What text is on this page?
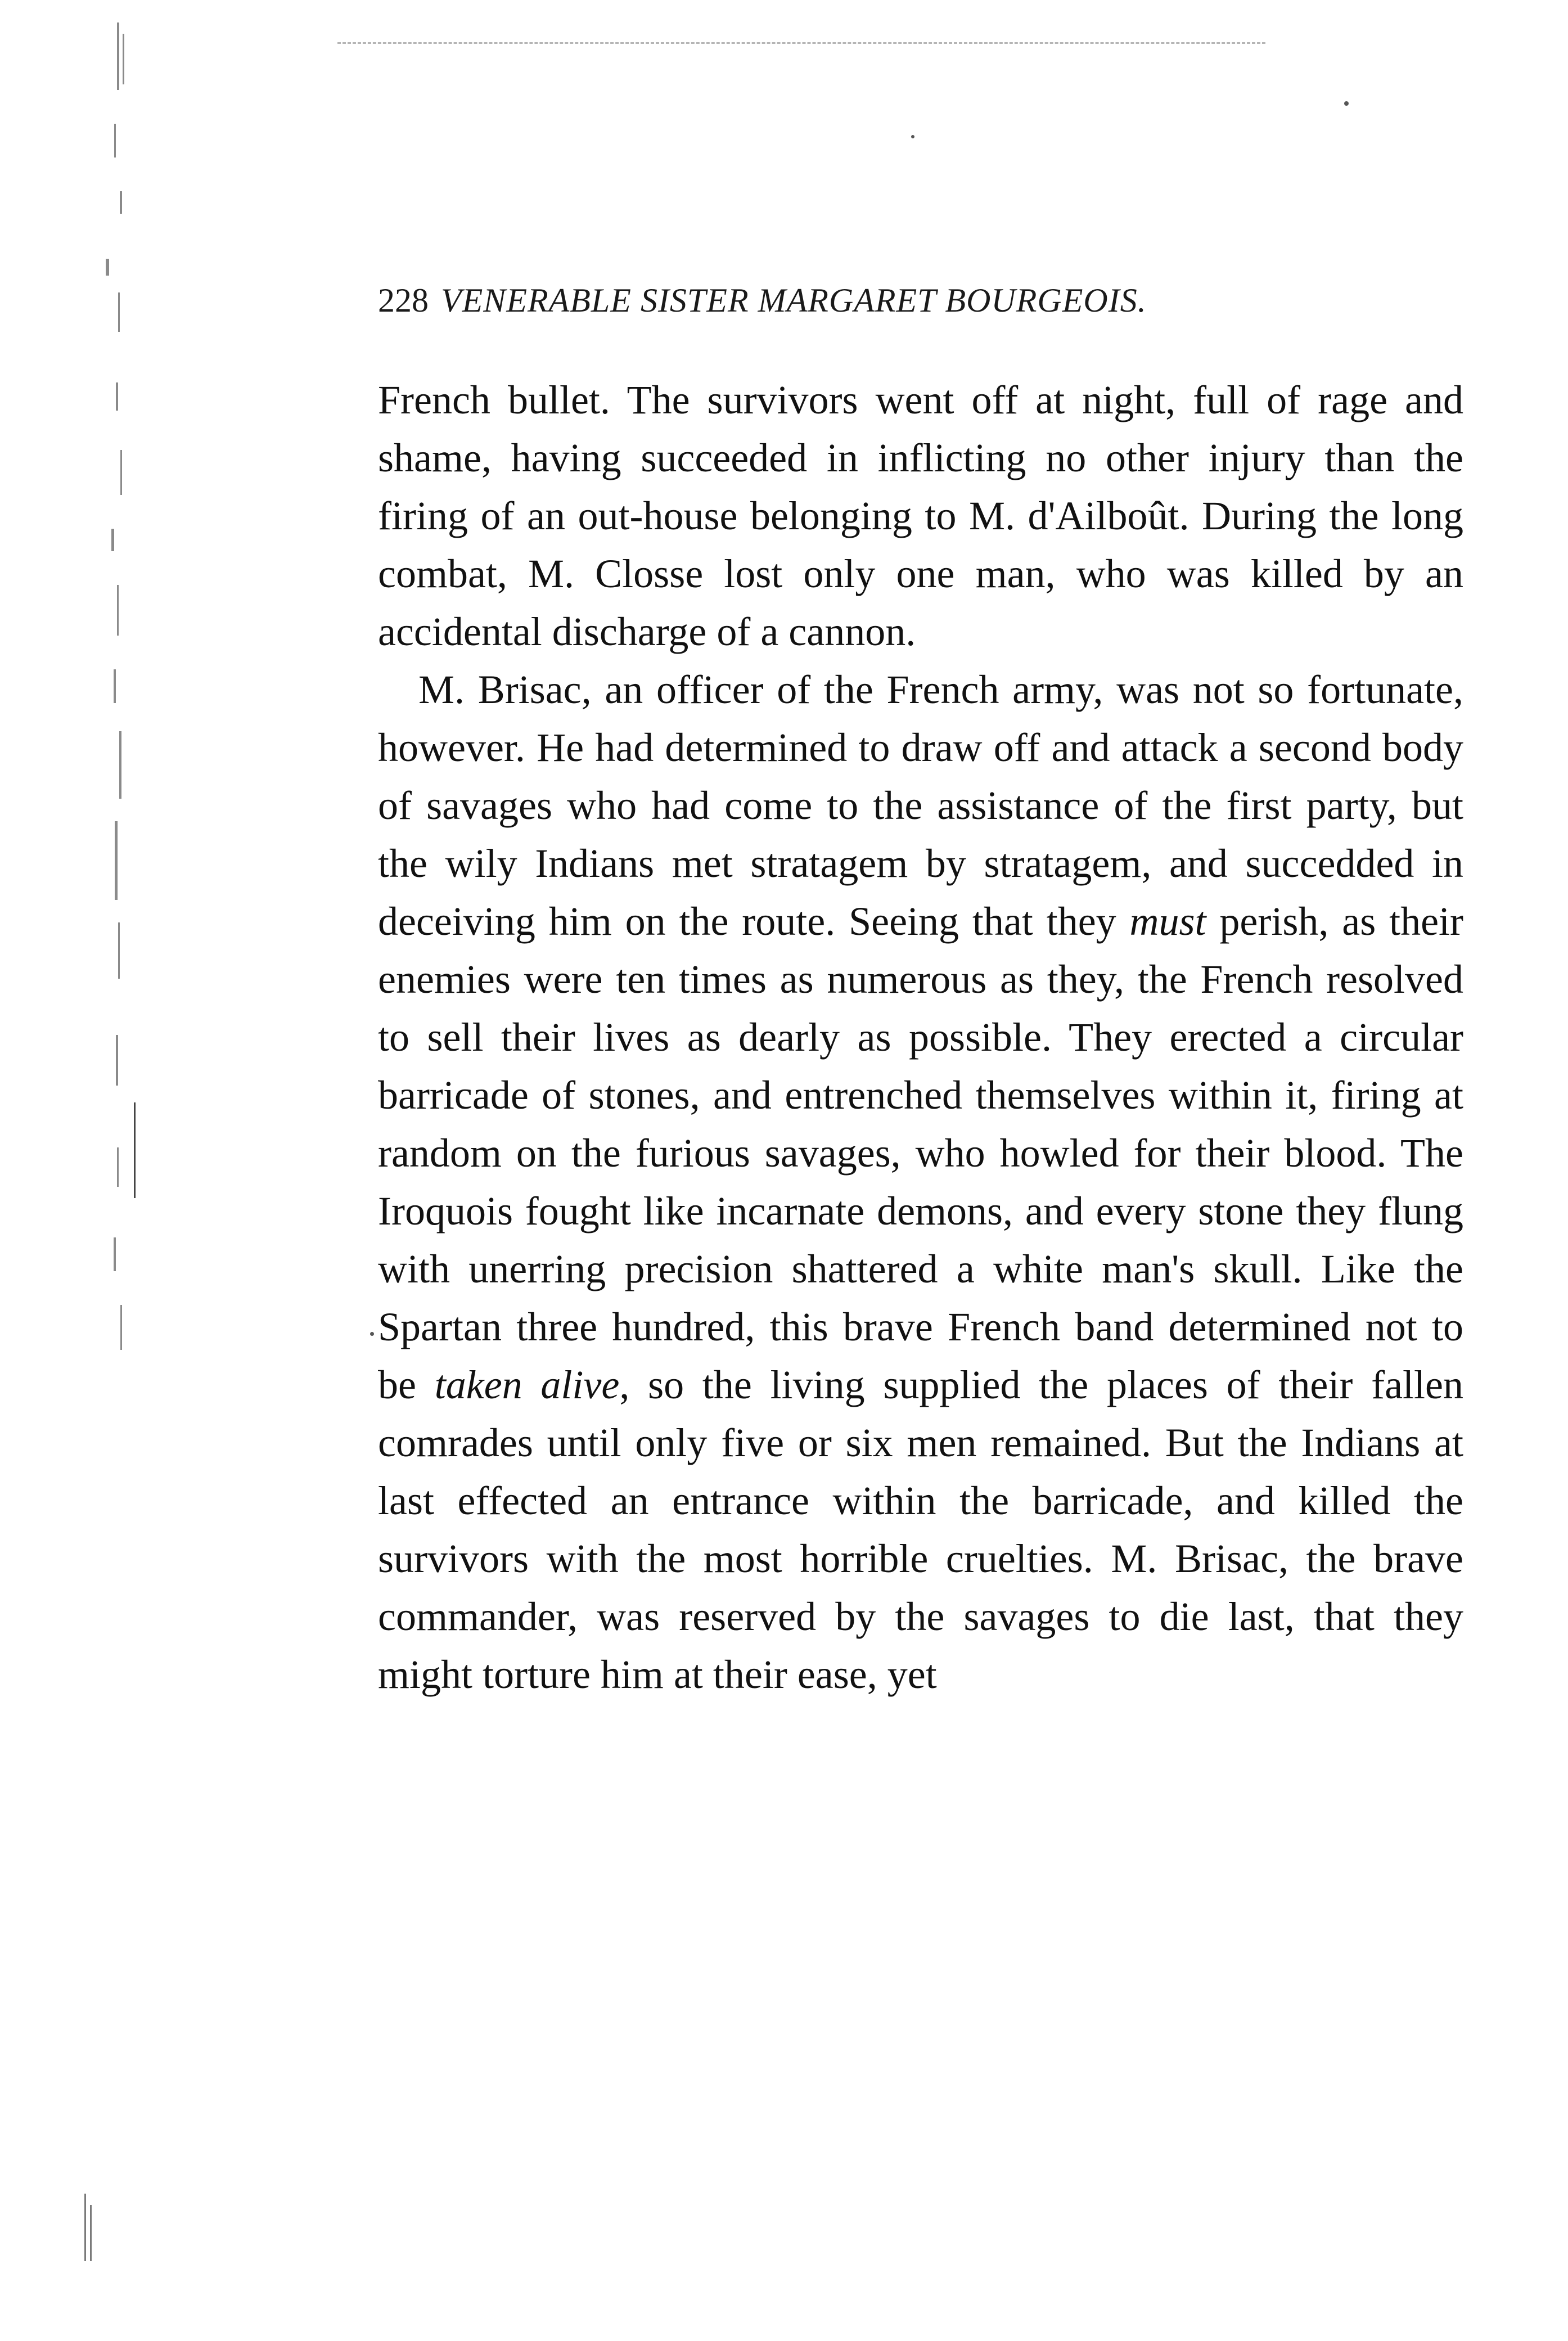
228 VENERABLE SISTER MARGARET BOURGEOIS.

French bullet. The survivors went off at night, full of rage and shame, having succeeded in inflicting no other injury than the firing of an out-house belonging to M. d'Ailboût. During the long combat, M. Closse lost only one man, who was killed by an accidental discharge of a cannon.

M. Brisac, an officer of the French army, was not so fortunate, however. He had determined to draw off and attack a second body of savages who had come to the assistance of the first party, but the wily Indians met stratagem by stratagem, and succedded in deceiving him on the route. Seeing that they must perish, as their enemies were ten times as numerous as they, the French resolved to sell their lives as dearly as possible. They erected a circular barricade of stones, and entrenched themselves within it, firing at random on the furious savages, who howled for their blood. The Iroquois fought like incarnate demons, and every stone they flung with unerring precision shattered a white man's skull. Like the Spartan three hundred, this brave French band determined not to be taken alive, so the living supplied the places of their fallen comrades until only five or six men remained. But the Indians at last effected an entrance within the barricade, and killed the survivors with the most horrible cruelties. M. Brisac, the brave commander, was reserved by the savages to die last, that they might torture him at their ease, yet
